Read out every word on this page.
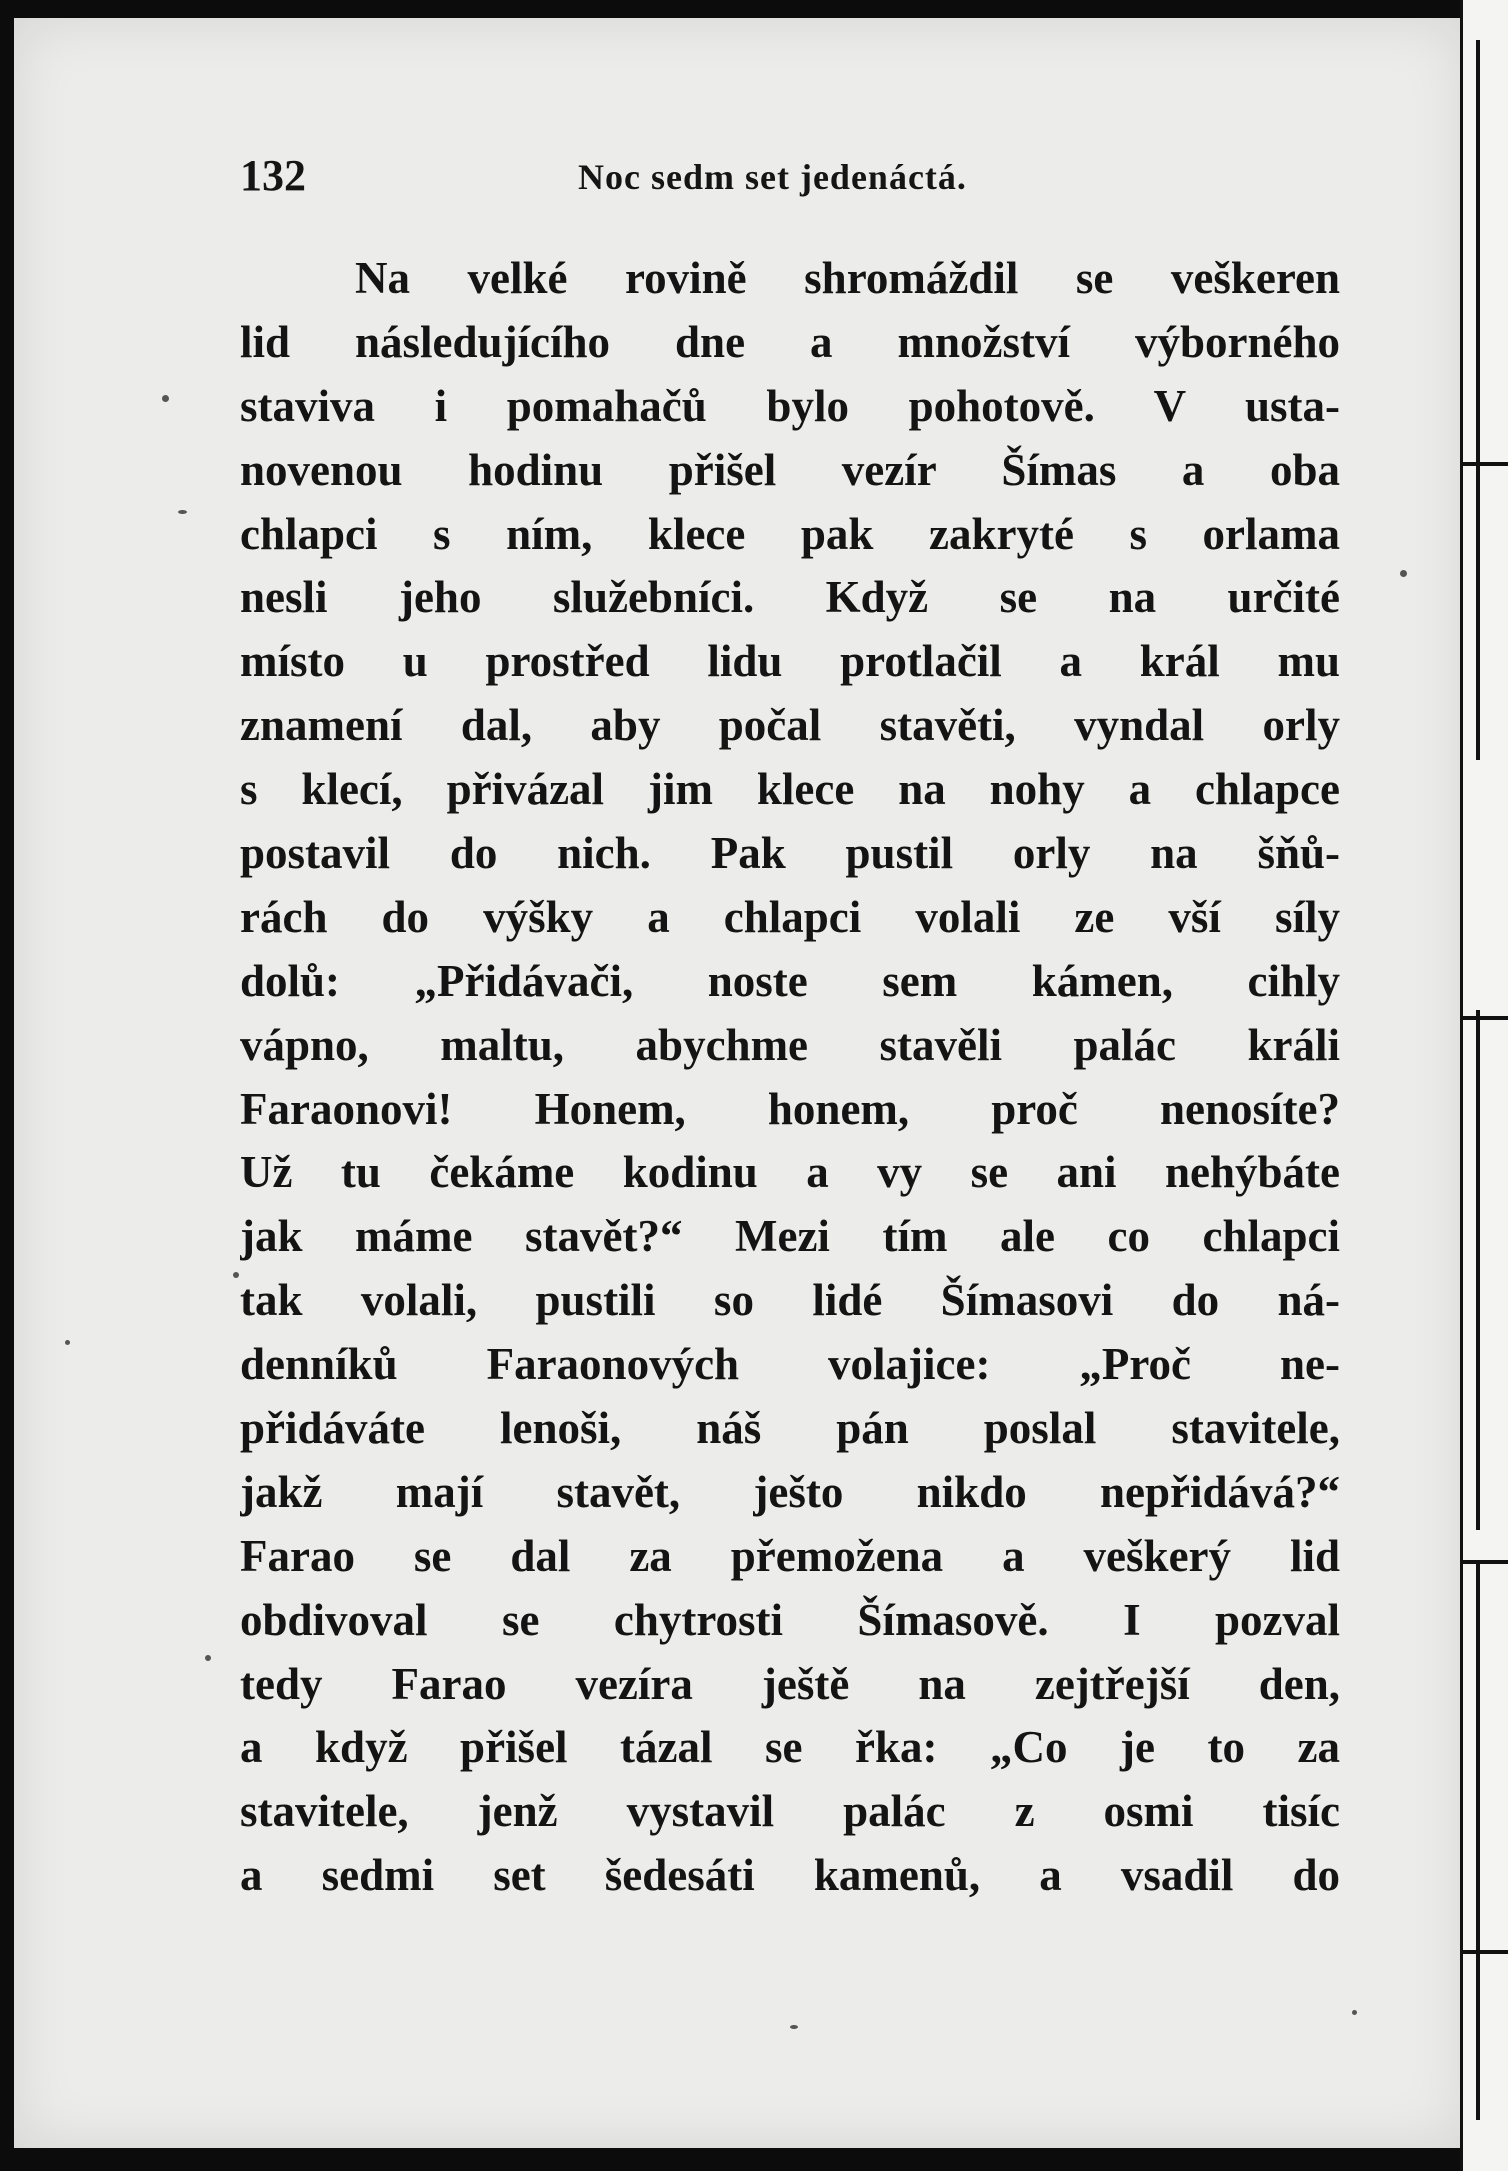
132	Noc sedm set jedenáctá.
Na velké rovině shromáždil se veškeren
lid následujícího dne a množství výborného
staviva i pomahačů bylo pohotově. V usta-
novenou hodinu přišel vezír Šímas a oba
chlapci s ním, klece pak zakryté s orlama
nesli jeho služebníci. Když se na určité
místo u prostřed lidu protlačil a král mu
znamení dal, aby počal stavěti, vyndal orly
s klecí, přivázal jim klece na nohy a chlapce
postavil do nich. Pak pustil orly na šňů-
rách do výšky a chlapci volali ze vší síly
dolů: „Přidávači, noste sem kámen, cihly
vápno, maltu, abychme stavěli palác králi
Faraonovi! Honem, honem, proč nenosíte?
Už tu čekáme kodinu a vy se ani nehýbáte
jak máme stavět?“ Mezi tím ale co chlapci
tak volali, pustili so lidé Šímasovi do ná-
denníků Faraonových volajice: „Proč ne-
přidáváte lenoši, náš pán poslal stavitele,
jakž mají stavět, ješto nikdo nepřidává?“
Farao se dal za přemožena a veškerý lid
obdivoval se chytrosti Šímasově. I pozval
tedy Farao vezíra ještě na zejtřejší den,
a když přišel tázal se řka: „Co je to za
stavitele, jenž vystavil palác z osmi tisíc
a sedmi set šedesáti kamenů, a vsadil do
